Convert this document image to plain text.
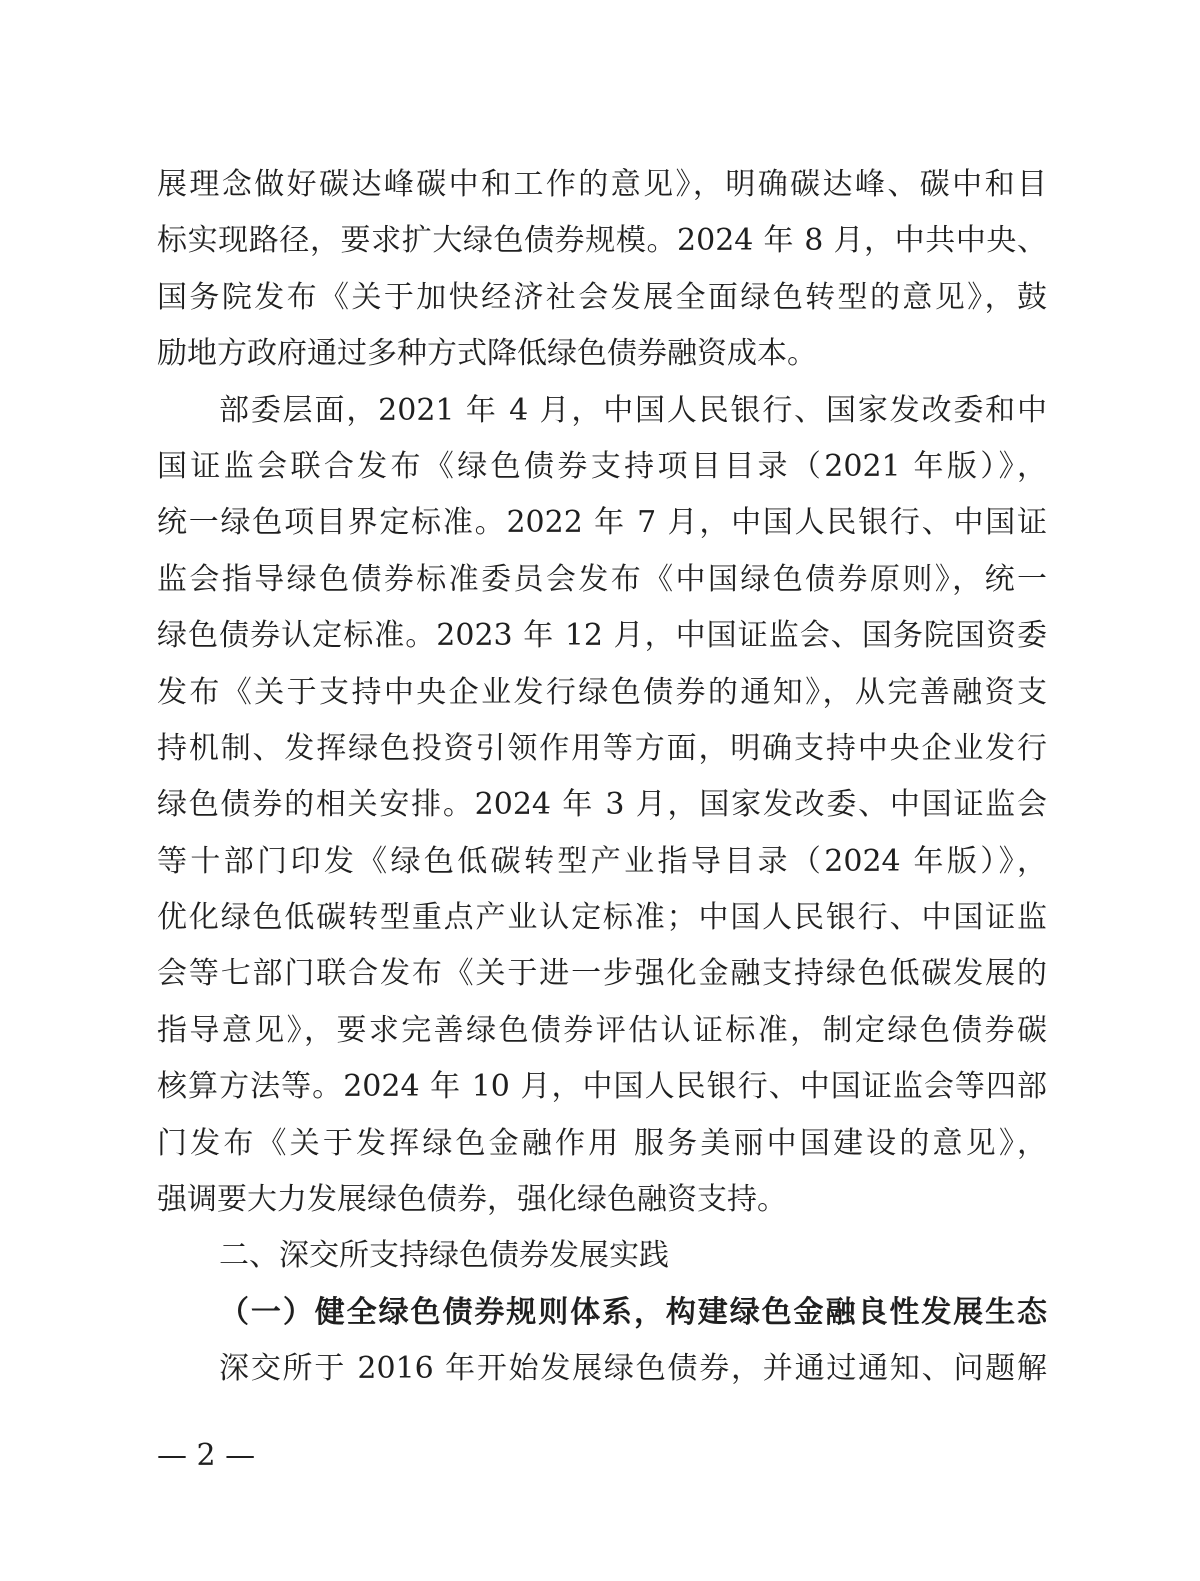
展理念做好碳达峰碳中和工作的意见》，明确碳达峰、碳中和目
标实现路径，要求扩大绿色债券规模。2024 年 8 月，中共中央、
国务院发布《关于加快经济社会发展全面绿色转型的意见》，鼓
励地方政府通过多种方式降低绿色债券融资成本。
部委层面，2021 年 4 月，中国人民银行、国家发改委和中
国证监会联合发布《绿色债券支持项目目录（2021 年版）》，
统一绿色项目界定标准。2022 年 7 月，中国人民银行、中国证
监会指导绿色债券标准委员会发布《中国绿色债券原则》，统一
绿色债券认定标准。2023 年 12 月，中国证监会、国务院国资委
发布《关于支持中央企业发行绿色债券的通知》，从完善融资支
持机制、发挥绿色投资引领作用等方面，明确支持中央企业发行
绿色债券的相关安排。2024 年 3 月，国家发改委、中国证监会
等十部门印发《绿色低碳转型产业指导目录（2024 年版）》，
优化绿色低碳转型重点产业认定标准；中国人民银行、中国证监
会等七部门联合发布《关于进一步强化金融支持绿色低碳发展的
指导意见》，要求完善绿色债券评估认证标准，制定绿色债券碳
核算方法等。2024 年 10 月，中国人民银行、中国证监会等四部
门发布《关于发挥绿色金融作用 服务美丽中国建设的意见》，
强调要大力发展绿色债券，强化绿色融资支持。
二、深交所支持绿色债券发展实践
（一）健全绿色债券规则体系，构建绿色金融良性发展生态
深交所于 2016 年开始发展绿色债券，并通过通知、问题解
— 2 —
